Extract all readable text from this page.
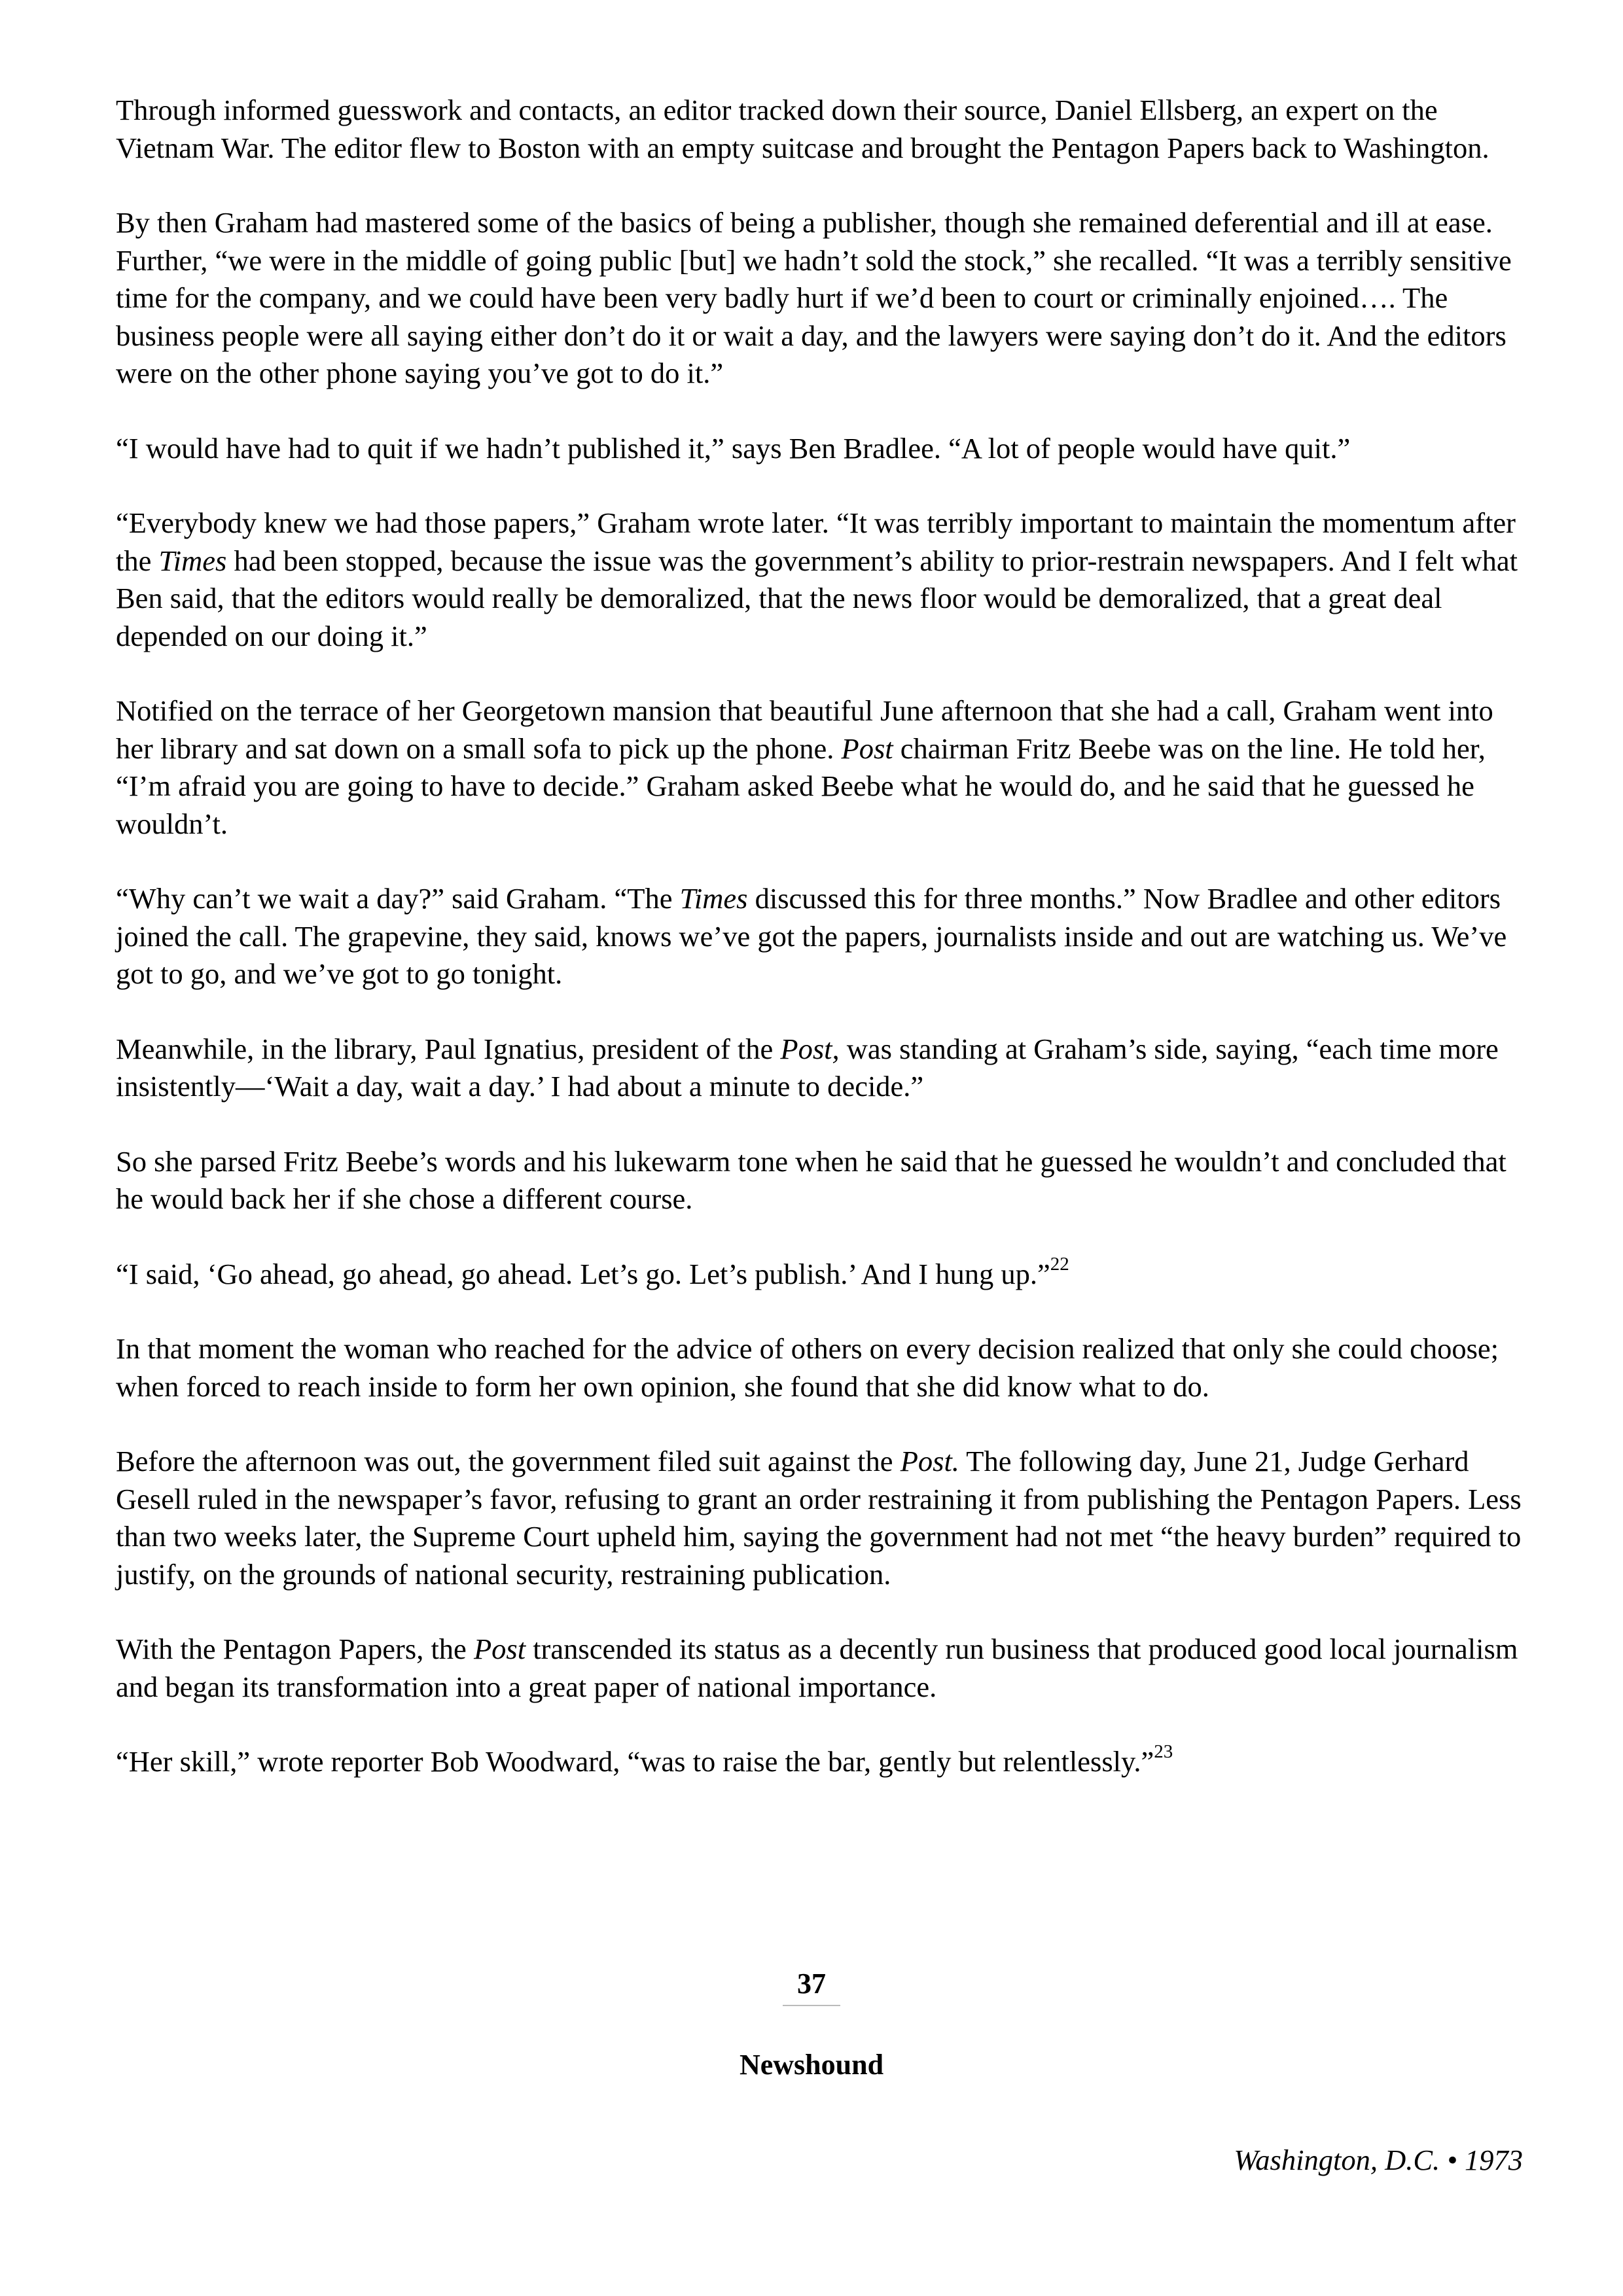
Through informed guesswork and contacts, an editor tracked down their source, Daniel Ellsberg, an expert on the Vietnam War. The editor flew to Boston with an empty suitcase and brought the Pentagon Papers back to Washington.

By then Graham had mastered some of the basics of being a publisher, though she remained deferential and ill at ease. Further, “we were in the middle of going public [but] we hadn’t sold the stock,” she recalled. “It was a terribly sensitive time for the company, and we could have been very badly hurt if we’d been to court or criminally enjoined…. The business people were all saying either don’t do it or wait a day, and the lawyers were saying don’t do it. And the editors were on the other phone saying you’ve got to do it.”

“I would have had to quit if we hadn’t published it,” says Ben Bradlee. “A lot of people would have quit.”

“Everybody knew we had those papers,” Graham wrote later. “It was terribly important to maintain the momentum after the Times had been stopped, because the issue was the government’s ability to prior-restrain newspapers. And I felt what Ben said, that the editors would really be demoralized, that the news floor would be demoralized, that a great deal depended on our doing it.”

Notified on the terrace of her Georgetown mansion that beautiful June afternoon that she had a call, Graham went into her library and sat down on a small sofa to pick up the phone. Post chairman Fritz Beebe was on the line. He told her, “I’m afraid you are going to have to decide.” Graham asked Beebe what he would do, and he said that he guessed he wouldn’t.

“Why can’t we wait a day?” said Graham. “The Times discussed this for three months.” Now Bradlee and other editors joined the call. The grapevine, they said, knows we’ve got the papers, journalists inside and out are watching us. We’ve got to go, and we’ve got to go tonight.

Meanwhile, in the library, Paul Ignatius, president of the Post, was standing at Graham’s side, saying, “each time more insistently—‘Wait a day, wait a day.’ I had about a minute to decide.”

So she parsed Fritz Beebe’s words and his lukewarm tone when he said that he guessed he wouldn’t and concluded that he would back her if she chose a different course.

“I said, ‘Go ahead, go ahead, go ahead. Let’s go. Let’s publish.’ And I hung up.”$^{22}$

In that moment the woman who reached for the advice of others on every decision realized that only she could choose; when forced to reach inside to form her own opinion, she found that she did know what to do.

Before the afternoon was out, the government filed suit against the Post. The following day, June 21, Judge Gerhard Gesell ruled in the newspaper’s favor, refusing to grant an order restraining it from publishing the Pentagon Papers. Less than two weeks later, the Supreme Court upheld him, saying the government had not met “the heavy burden” required to justify, on the grounds of national security, restraining publication.

With the Pentagon Papers, the Post transcended its status as a decently run business that produced good local journalism and began its transformation into a great paper of national importance.

“Her skill,” wrote reporter Bob Woodward, “was to raise the bar, gently but relentlessly.”$^{23}$

37
Newshound
Washington, D.C. • 1973
